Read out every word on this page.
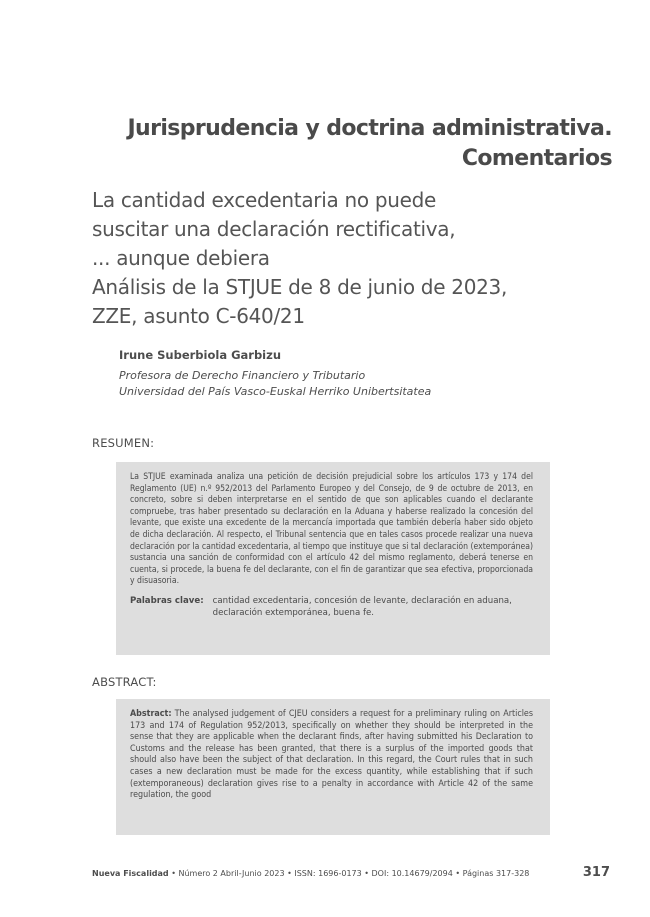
Jurisprudencia y doctrina administrativa.
Comentarios
La cantidad excedentaria no puede
suscitar una declaración rectificativa,
... aunque debiera
Análisis de la STJUE de 8 de junio de 2023,
ZZE, asunto C-640/21
Irune Suberbiola Garbizu
Profesora de Derecho Financiero y Tributario
Universidad del País Vasco-Euskal Herriko Unibertsitatea
RESUMEN:

La STJUE examinada analiza una petición de decisión prejudicial sobre los artículos 173 y 174 del Reglamento (UE) n.º 952/2013 del Parlamento Europeo y del Consejo, de 9 de octubre de 2013, en concreto, sobre si deben interpretarse en el sentido de que son aplicables cuando el declarante compruebe, tras haber presentado su declaración en la Aduana y haberse realizado la concesión del levante, que existe una excedente de la mercancía importada que también debería haber sido objeto de dicha declaración. Al respecto, el Tribunal sentencia que en tales casos procede realizar una nueva declaración por la cantidad excedentaria, al tiempo que instituye que si tal declaración (extemporánea) sustancia una sanción de conformidad con el artículo 42 del mismo reglamento, deberá tenerse en cuenta, si procede, la buena fe del declarante, con el fin de garantizar que sea efectiva, proporcionada y disuasoria.

Palabras clave: cantidad excedentaria, concesión de levante, declaración en aduana, declaración extemporánea, buena fe.
ABSTRACT:

Abstract: The analysed judgement of CJEU considers a request for a preliminary ruling on Articles 173 and 174 of Regulation 952/2013, specifically on whether they should be interpreted in the sense that they are applicable when the declarant finds, after having submitted his Declaration to Customs and the release has been granted, that there is a surplus of the imported goods that should also have been the subject of that declaration. In this regard, the Court rules that in such cases a new declaration must be made for the excess quantity, while establishing that if such (extemporaneous) declaration gives rise to a penalty in accordance with Article 42 of the same regulation, the good

Nueva Fiscalidad • Número 2 Abril-Junio 2023 • ISSN: 1696-0173 • DOI: 10.14679/2094 • Páginas 317-328	317
